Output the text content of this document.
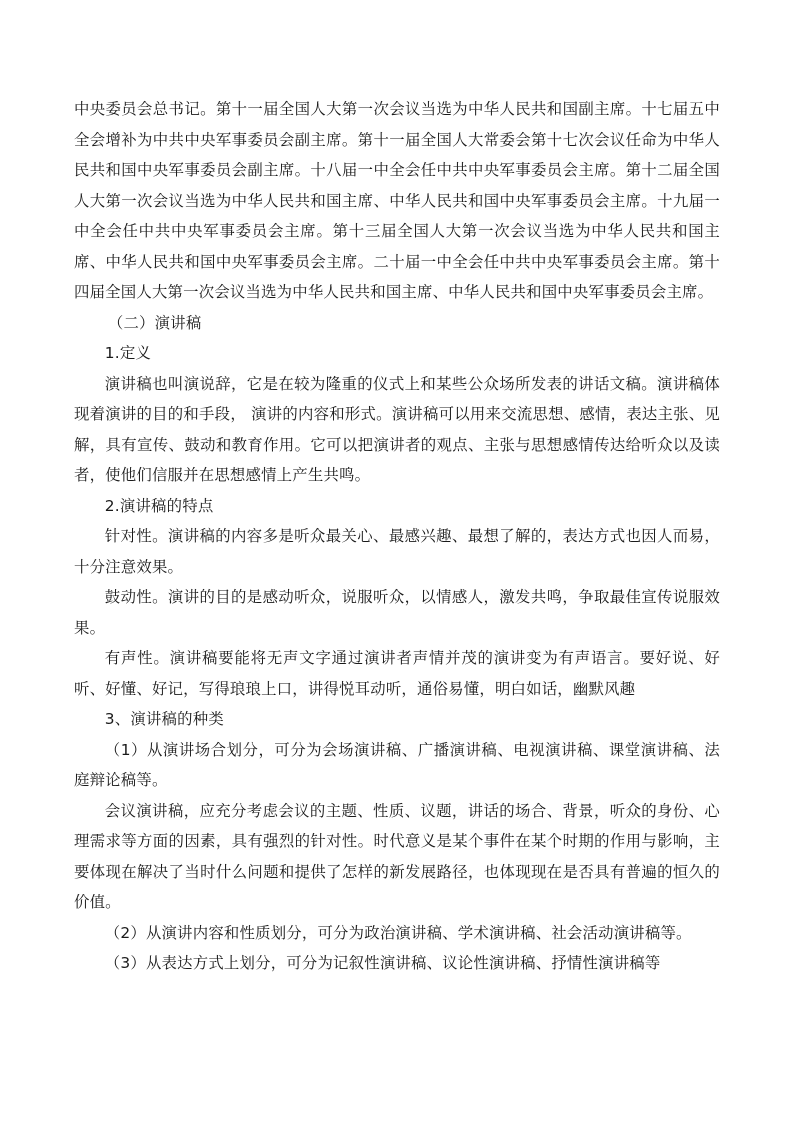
中央委员会总书记。第十一届全国人大第一次会议当选为中华人民共和国副主席。十七届五中全会增补为中共中央军事委员会副主席。第十一届全国人大常委会第十七次会议任命为中华人民共和国中央军事委员会副主席。十八届一中全会任中共中央军事委员会主席。第十二届全国人大第一次会议当选为中华人民共和国主席、中华人民共和国中央军事委员会主席。十九届一中全会任中共中央军事委员会主席。第十三届全国人大第一次会议当选为中华人民共和国主席、中华人民共和国中央军事委员会主席。二十届一中全会任中共中央军事委员会主席。第十四届全国人大第一次会议当选为中华人民共和国主席、中华人民共和国中央军事委员会主席。

（二）演讲稿

1.定义

演讲稿也叫演说辞，它是在较为隆重的仪式上和某些公众场所发表的讲话文稿。演讲稿体现着演讲的目的和手段， 演讲的内容和形式。演讲稿可以用来交流思想、感情，表达主张、见解，具有宣传、鼓动和教育作用。它可以把演讲者的观点、主张与思想感情传达给听众以及读者，使他们信服并在思想感情上产生共鸣。

2.演讲稿的特点

针对性。演讲稿的内容多是听众最关心、最感兴趣、最想了解的，表达方式也因人而易，十分注意效果。

鼓动性。演讲的目的是感动听众，说服听众，以情感人，激发共鸣，争取最佳宣传说服效果。

有声性。演讲稿要能将无声文字通过演讲者声情并茂的演讲变为有声语言。要好说、好听、好懂、好记，写得琅琅上口，讲得悦耳动听，通俗易懂，明白如话，幽默风趣

3、演讲稿的种类

（1）从演讲场合划分，可分为会场演讲稿、广播演讲稿、电视演讲稿、课堂演讲稿、法庭辩论稿等。

会议演讲稿，应充分考虑会议的主题、性质、议题，讲话的场合、背景，听众的身份、心理需求等方面的因素，具有强烈的针对性。时代意义是某个事件在某个时期的作用与影响，主要体现在解决了当时什么问题和提供了怎样的新发展路径，也体现现在是否具有普遍的恒久的价值。

（2）从演讲内容和性质划分，可分为政治演讲稿、学术演讲稿、社会活动演讲稿等。

（3）从表达方式上划分，可分为记叙性演讲稿、议论性演讲稿、抒情性演讲稿等
